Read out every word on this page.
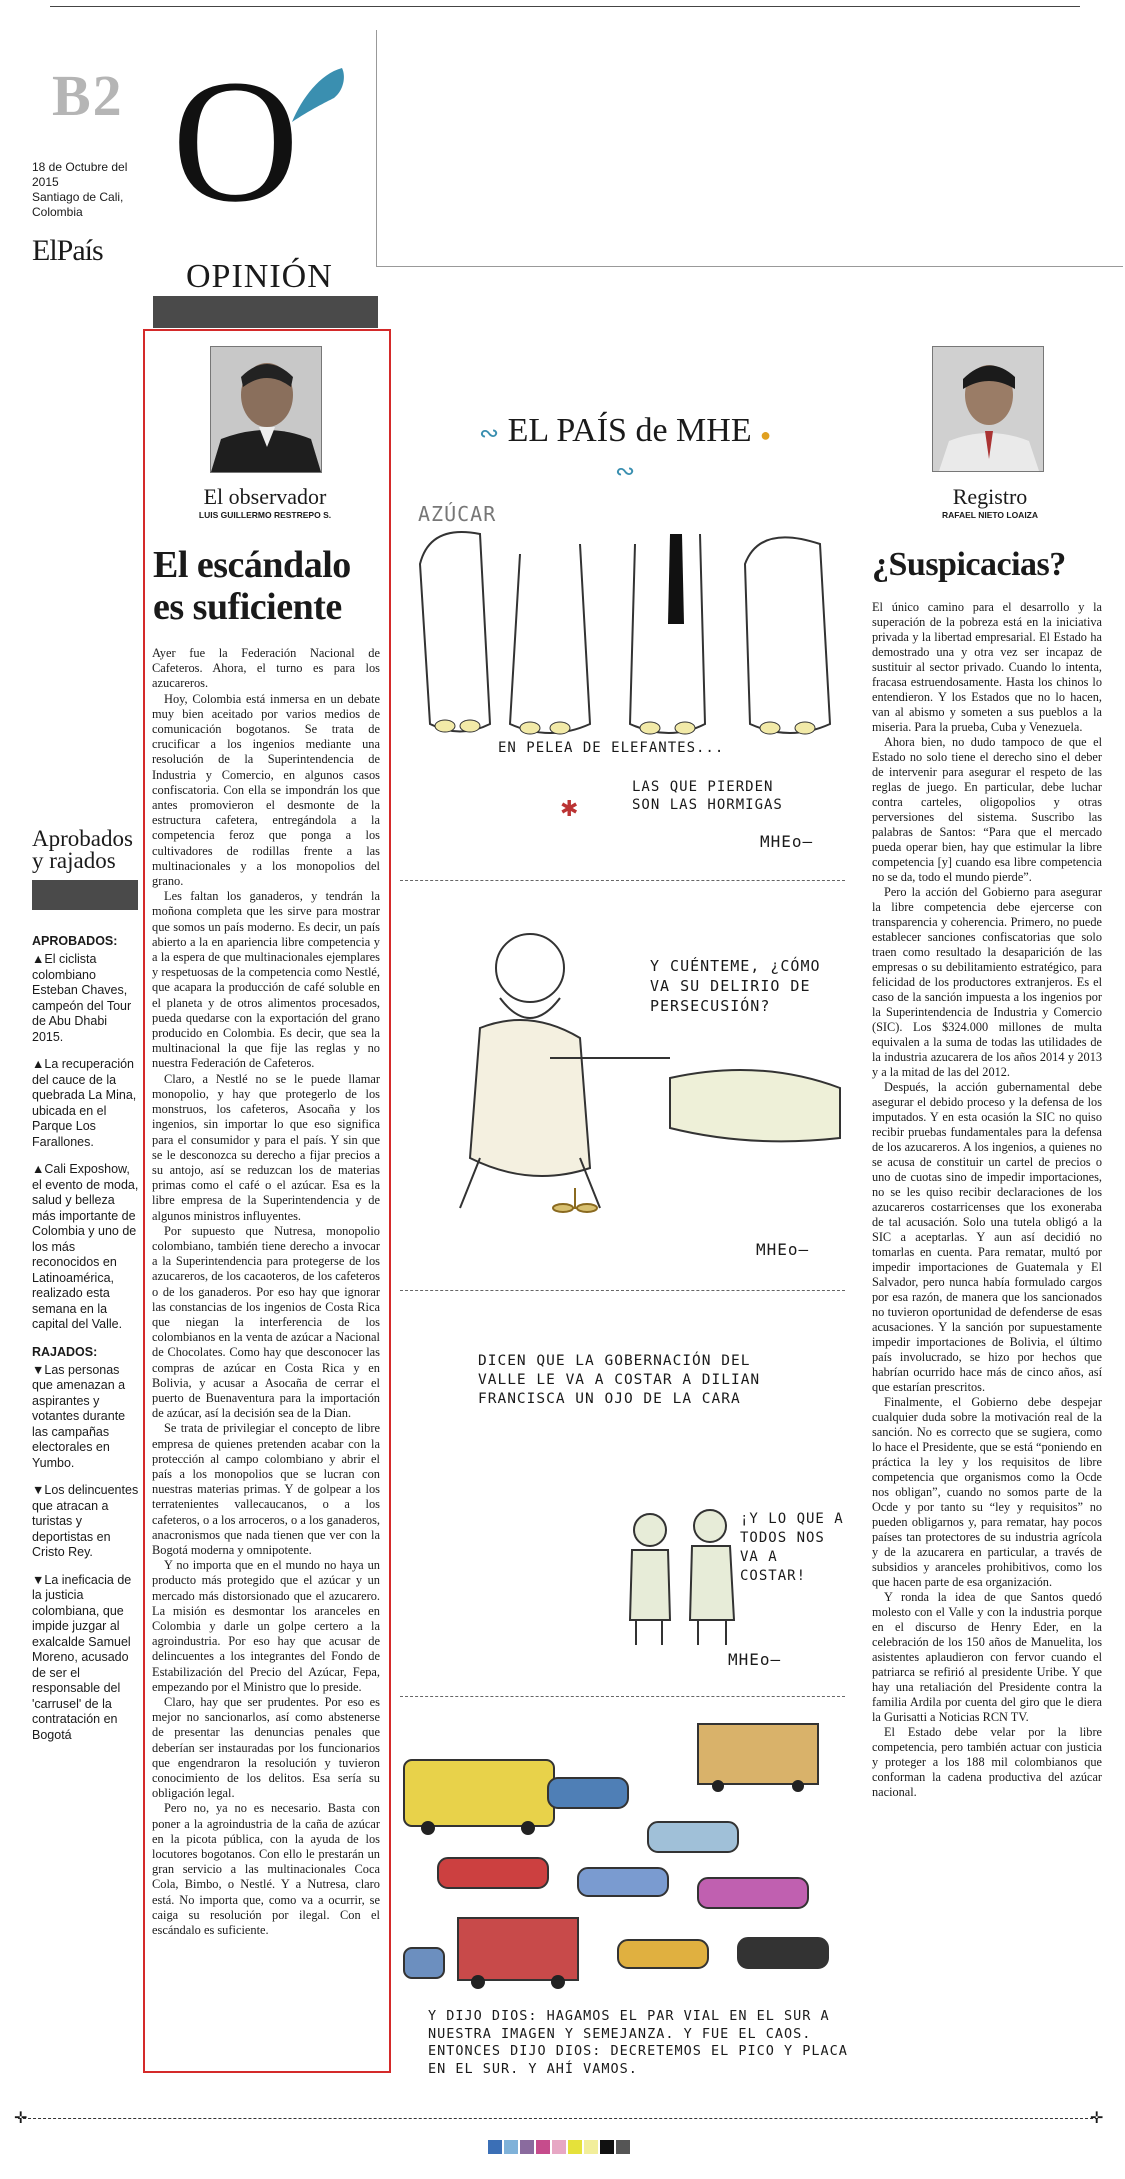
B2
18 de Octubre del 2015
Santiago de Cali, Colombia
ElPaís
O
OPINIÓN
El observador
LUIS GUILLERMO RESTREPO S.
El escándalo es suficiente

Ayer fue la Federación Nacional de Cafeteros. Ahora, el turno es para los azucareros.

Hoy, Colombia está inmersa en un debate muy bien aceitado por varios medios de comunicación bogotanos. Se trata de crucificar a los ingenios mediante una resolución de la Superintendencia de Industria y Comercio, en algunos casos confiscatoria. Con ella se impondrán los que antes promovieron el desmonte de la estructura cafetera, entregándola a la competencia feroz que ponga a los cultivadores de rodillas frente a las multinacionales y a los monopolios del grano.

Les faltan los ganaderos, y tendrán la moñona completa que les sirve para mostrar que somos un país moderno. Es decir, un país abierto a la en apariencia libre competencia y a la espera de que multinacionales ejemplares y respetuosas de la competencia como Nestlé, que acapara la producción de café soluble en el planeta y de otros alimentos procesados, pueda quedarse con la exportación del grano producido en Colombia. Es decir, que sea la multinacional la que fije las reglas y no nuestra Federación de Cafeteros.

Claro, a Nestlé no se le puede llamar monopolio, y hay que protegerlo de los monstruos, los cafeteros, Asocaña y los ingenios, sin importar lo que eso significa para el consumidor y para el país. Y sin que se le desconozca su derecho a fijar precios a su antojo, así se reduzcan los de materias primas como el café o el azúcar. Esa es la libre empresa de la Superintendencia y de algunos ministros influyentes.

Por supuesto que Nutresa, monopolio colombiano, también tiene derecho a invocar a la Superintendencia para protegerse de los azucareros, de los cacaoteros, de los cafeteros o de los ganaderos. Por eso hay que ignorar las constancias de los ingenios de Costa Rica que niegan la interferencia de los colombianos en la venta de azúcar a Nacional de Chocolates. Como hay que desconocer las compras de azúcar en Costa Rica y en Bolivia, y acusar a Asocaña de cerrar el puerto de Buenaventura para la importación de azúcar, así la decisión sea de la Dian.

Se trata de privilegiar el concepto de libre empresa de quienes pretenden acabar con la protección al campo colombiano y abrir el país a los monopolios que se lucran con nuestras materias primas. Y de golpear a los terratenientes vallecaucanos, o a los cafeteros, o a los arroceros, o a los ganaderos, anacronismos que nada tienen que ver con la Bogotá moderna y omnipotente.

Y no importa que en el mundo no haya un producto más protegido que el azúcar y un mercado más distorsionado que el azucarero. La misión es desmontar los aranceles en Colombia y darle un golpe certero a la agroindustria. Por eso hay que acusar de delincuentes a los integrantes del Fondo de Estabilización del Precio del Azúcar, Fepa, empezando por el Ministro que lo preside.

Claro, hay que ser prudentes. Por eso es mejor no sancionarlos, así como abstenerse de presentar las denuncias penales que deberían ser instauradas por los funcionarios que engendraron la resolución y tuvieron conocimiento de los delitos. Esa sería su obligación legal.

Pero no, ya no es necesario. Basta con poner a la agroindustria de la caña de azúcar en la picota pública, con la ayuda de los locutores bogotanos. Con ello le prestarán un gran servicio a las multinacionales Coca Cola, Bimbo, o Nestlé. Y a Nutresa, claro está. No importa que, como va a ocurrir, se caiga su resolución por ilegal. Con el escándalo es suficiente.

Aprobados y rajados
APROBADOS:
▲El ciclista colombiano Esteban Chaves, campeón del Tour de Abu Dhabi 2015.
▲La recuperación del cauce de la quebrada La Mina, ubicada en el Parque Los Farallones.
▲Cali Exposhow, el evento de moda, salud y belleza más importante de Colombia y uno de los más reconocidos en Latinoamérica, realizado esta semana en la capital del Valle.
RAJADOS:
▼Las personas que amenazan a aspirantes y votantes durante las campañas electorales en Yumbo.
▼Los delincuentes que atracan a turistas y deportistas en Cristo Rey.
▼La ineficacia de la justicia colombiana, que impide juzgar al exalcalde Samuel Moreno, acusado de ser el responsable del 'carrusel' de la contratación en Bogotá
∾ EL PAÍS de MHE ● ∾
AZÚCAR
EN PELEA DE ELEFANTES...
LAS QUE PIERDEN SON LAS HORMIGAS
✱
MHEo—
Y CUÉNTEME, ¿CÓMO VA SU DELIRIO DE PERSECUSIÓN?
MHEo—
DICEN QUE LA GOBERNACIÓN DEL VALLE LE VA A COSTAR A DILIAN FRANCISCA UN OJO DE LA CARA
¡Y LO QUE A TODOS NOS VA A COSTAR!
MHEo—
Y DIJO DIOS: HAGAMOS EL PAR VIAL EN EL SUR A NUESTRA IMAGEN Y SEMEJANZA. Y FUE EL CAOS. ENTONCES DIJO DIOS: DECRETEMOS EL PICO Y PLACA EN EL SUR. Y AHÍ VAMOS.
Registro
RAFAEL NIETO LOAIZA
¿Suspicacias?

El único camino para el desarrollo y la superación de la pobreza está en la iniciativa privada y la libertad empresarial. El Estado ha demostrado una y otra vez ser incapaz de sustituir al sector privado. Cuando lo intenta, fracasa estruendosamente. Hasta los chinos lo entendieron. Y los Estados que no lo hacen, van al abismo y someten a sus pueblos a la miseria. Para la prueba, Cuba y Venezuela.

Ahora bien, no dudo tampoco de que el Estado no solo tiene el derecho sino el deber de intervenir para asegurar el respeto de las reglas de juego. En particular, debe luchar contra carteles, oligopolios y otras perversiones del sistema. Suscribo las palabras de Santos: “Para que el mercado pueda operar bien, hay que estimular la libre competencia [y] cuando esa libre competencia no se da, todo el mundo pierde”.

Pero la acción del Gobierno para asegurar la libre competencia debe ejercerse con transparencia y coherencia. Primero, no puede establecer sanciones confiscatorias que solo traen como resultado la desaparición de las empresas o su debilitamiento estratégico, para felicidad de los productores extranjeros. Es el caso de la sanción impuesta a los ingenios por la Superintendencia de Industria y Comercio (SIC). Los $324.000 millones de multa equivalen a la suma de todas las utilidades de la industria azucarera de los años 2014 y 2013 y a la mitad de las del 2012.

Después, la acción gubernamental debe asegurar el debido proceso y la defensa de los imputados. Y en esta ocasión la SIC no quiso recibir pruebas fundamentales para la defensa de los azucareros. A los ingenios, a quienes no se acusa de constituir un cartel de precios o uno de cuotas sino de impedir importaciones, no se les quiso recibir declaraciones de los azucareros costarricenses que los exoneraba de tal acusación. Solo una tutela obligó a la SIC a aceptarlas. Y aun así decidió no tomarlas en cuenta. Para rematar, multó por impedir importaciones de Guatemala y El Salvador, pero nunca había formulado cargos por esa razón, de manera que los sancionados no tuvieron oportunidad de defenderse de esas acusaciones. Y la sanción por supuestamente impedir importaciones de Bolivia, el último país involucrado, se hizo por hechos que habrían ocurrido hace más de cinco años, así que estarían prescritos.

Finalmente, el Gobierno debe despejar cualquier duda sobre la motivación real de la sanción. No es correcto que se sugiera, como lo hace el Presidente, que se está “poniendo en práctica la ley y los requisitos de libre competencia que organismos como la Ocde nos obligan”, cuando no somos parte de la Ocde y por tanto su “ley y requisitos” no pueden obligarnos y, para rematar, hay pocos países tan protectores de su industria agrícola y de la azucarera en particular, a través de subsidios y aranceles prohibitivos, como los que hacen parte de esa organización.

Y ronda la idea de que Santos quedó molesto con el Valle y con la industria porque en el discurso de Henry Eder, en la celebración de los 150 años de Manuelita, los asistentes aplaudieron con fervor cuando el patriarca se refirió al presidente Uribe. Y que hay una retaliación del Presidente contra la familia Ardila por cuenta del giro que le diera la Gurisatti a Noticias RCN TV.

El Estado debe velar por la libre competencia, pero también actuar con justicia y proteger a los 188 mil colombianos que conforman la cadena productiva del azúcar nacional.

✛	✛
